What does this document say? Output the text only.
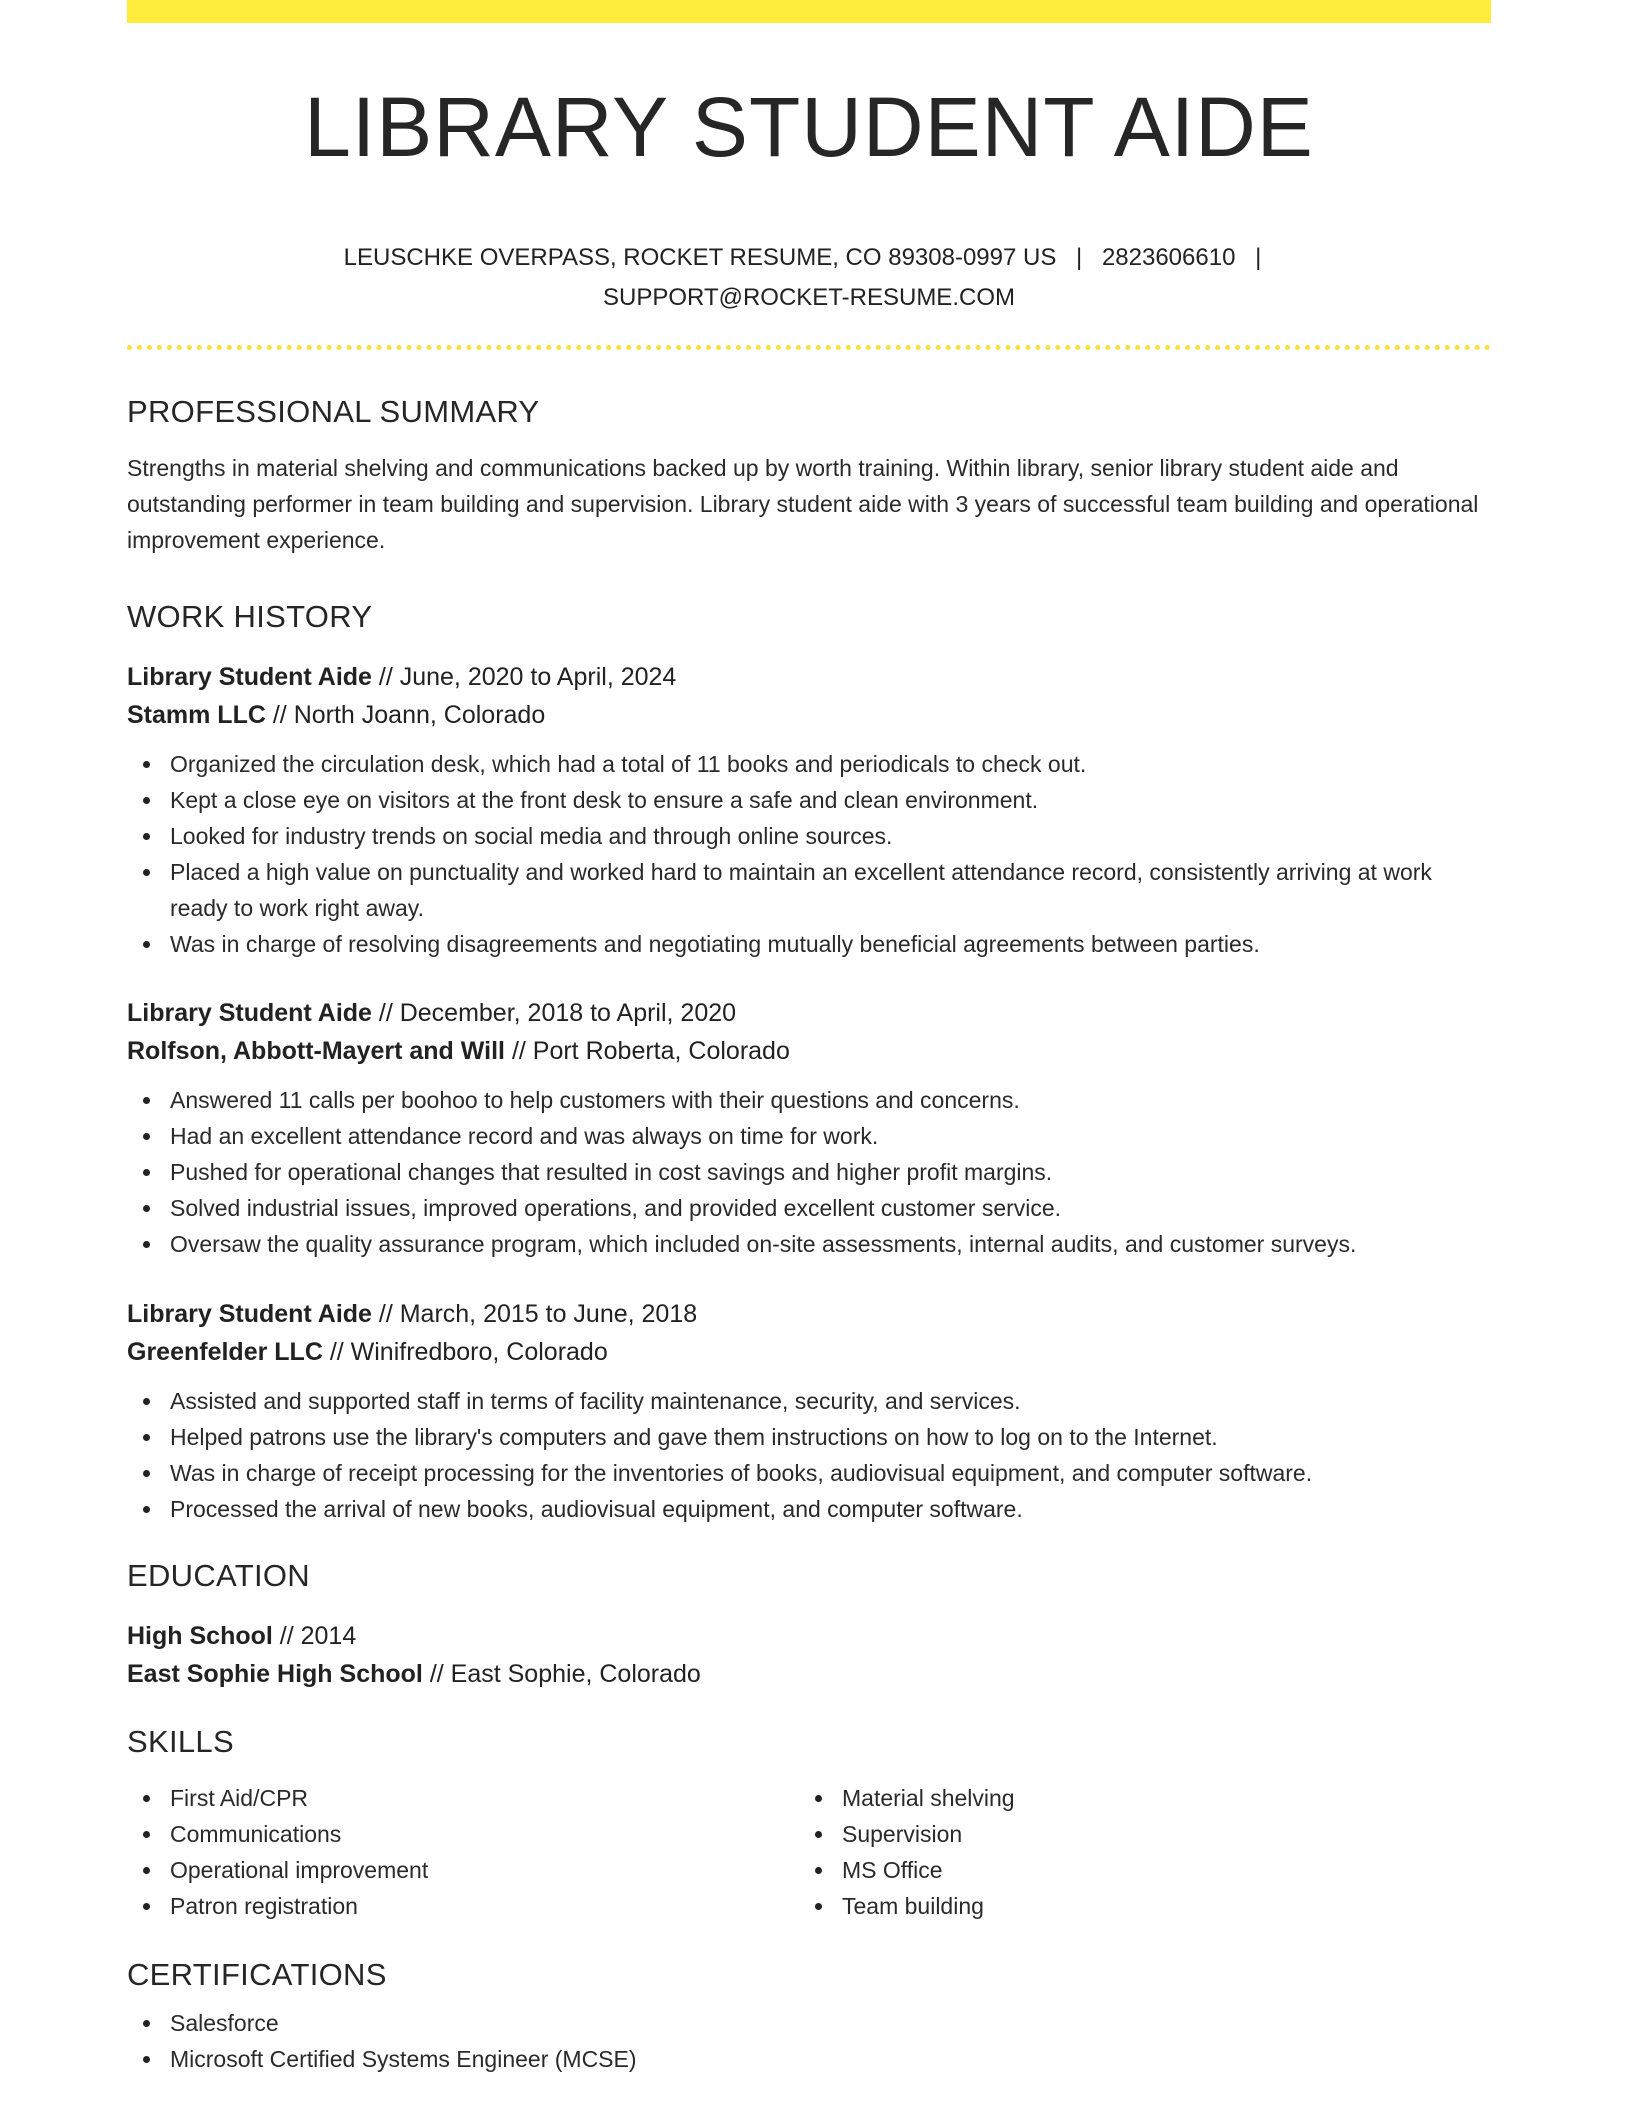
LIBRARY STUDENT AIDE
LEUSCHKE OVERPASS, ROCKET RESUME, CO 89308-0997 US | 2823606610 |
SUPPORT@ROCKET-RESUME.COM
PROFESSIONAL SUMMARY

Strengths in material shelving and communications backed up by worth training. Within library, senior library student aide and outstanding performer in team building and supervision. Library student aide with 3 years of successful team building and operational improvement experience.

WORK HISTORY
Library Student Aide // June, 2020 to April, 2024
Stamm LLC // North Joann, Colorado
Organized the circulation desk, which had a total of 11 books and periodicals to check out.
Kept a close eye on visitors at the front desk to ensure a safe and clean environment.
Looked for industry trends on social media and through online sources.
Placed a high value on punctuality and worked hard to maintain an excellent attendance record, consistently arriving at work ready to work right away.
Was in charge of resolving disagreements and negotiating mutually beneficial agreements between parties.
Library Student Aide // December, 2018 to April, 2020
Rolfson, Abbott-Mayert and Will // Port Roberta, Colorado
Answered 11 calls per boohoo to help customers with their questions and concerns.
Had an excellent attendance record and was always on time for work.
Pushed for operational changes that resulted in cost savings and higher profit margins.
Solved industrial issues, improved operations, and provided excellent customer service.
Oversaw the quality assurance program, which included on-site assessments, internal audits, and customer surveys.
Library Student Aide // March, 2015 to June, 2018
Greenfelder LLC // Winifredboro, Colorado
Assisted and supported staff in terms of facility maintenance, security, and services.
Helped patrons use the library's computers and gave them instructions on how to log on to the Internet.
Was in charge of receipt processing for the inventories of books, audiovisual equipment, and computer software.
Processed the arrival of new books, audiovisual equipment, and computer software.
EDUCATION
High School // 2014
East Sophie High School // East Sophie, Colorado
SKILLS
First Aid/CPR
Communications
Operational improvement
Patron registration
Material shelving
Supervision
MS Office
Team building
CERTIFICATIONS
Salesforce
Microsoft Certified Systems Engineer (MCSE)
